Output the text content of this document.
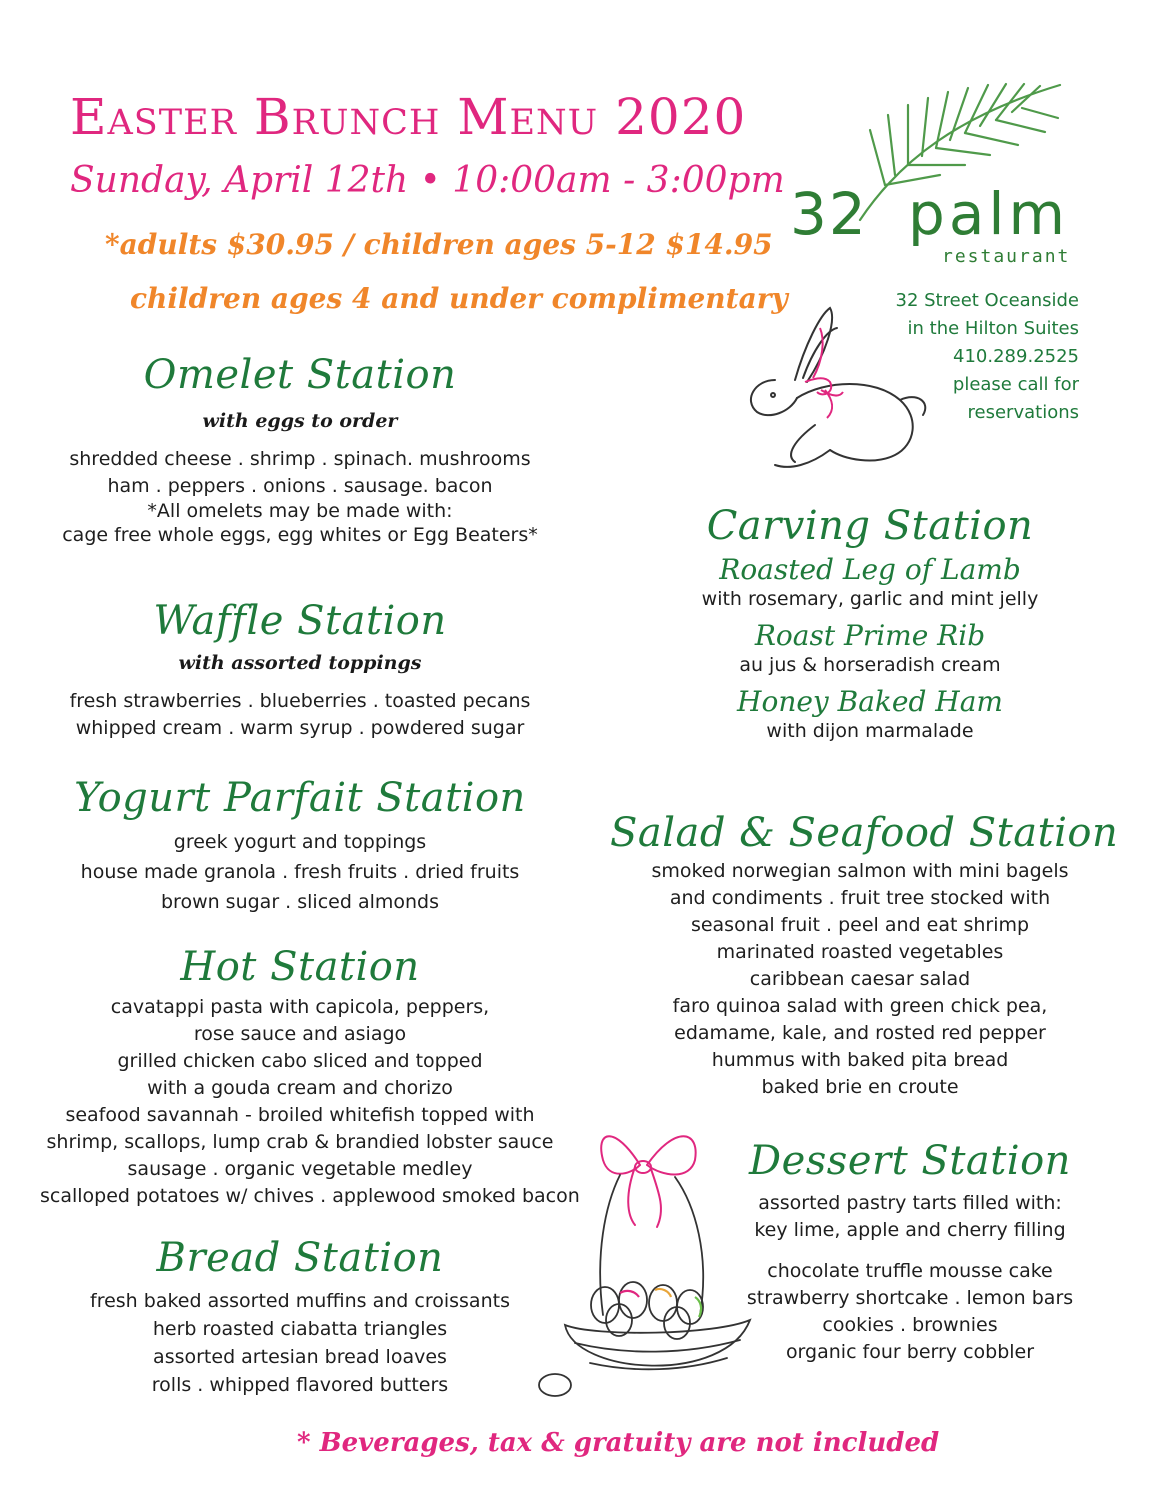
Easter Brunch Menu 2020
Sunday, April 12th • 10:00am - 3:00pm
*adults $30.95 / children ages 5-12 $14.95
children ages 4 and under complimentary
32 palm
restaurant
32 Street Oceanside
in the Hilton Suites
410.289.2525
please call for
reservations
Omelet Station
with eggs to order
shredded cheese . shrimp . spinach. mushrooms
ham . peppers . onions . sausage. bacon
*All omelets may be made with:
cage free whole eggs, egg whites or Egg Beaters*
Waffle Station
with assorted toppings
fresh strawberries . blueberries . toasted pecans
whipped cream . warm syrup . powdered sugar
Yogurt Parfait Station
greek yogurt and toppings
house made granola . fresh fruits . dried fruits
brown sugar . sliced almonds
Hot Station
cavatappi pasta with capicola, peppers,
rose sauce and asiago
grilled chicken cabo sliced and topped
with a gouda cream and chorizo
seafood savannah - broiled whitefish topped with
shrimp, scallops, lump crab & brandied lobster sauce
sausage . organic vegetable medley
scalloped potatoes w/ chives . applewood smoked bacon
Bread Station
fresh baked assorted muffins and croissants
herb roasted ciabatta triangles
assorted artesian bread loaves
rolls . whipped flavored butters
Carving Station
Roasted Leg of Lamb
with rosemary, garlic and mint jelly
Roast Prime Rib
au jus & horseradish cream
Honey Baked Ham
with dijon marmalade
Salad & Seafood Station
smoked norwegian salmon with mini bagels
and condiments . fruit tree stocked with
seasonal fruit . peel and eat shrimp
marinated roasted vegetables
caribbean caesar salad
faro quinoa salad with green chick pea,
edamame, kale, and rosted red pepper
hummus with baked pita bread
baked brie en croute
Dessert Station
assorted pastry tarts filled with:
key lime, apple and cherry filling
chocolate truffle mousse cake
strawberry shortcake . lemon bars
cookies . brownies
organic four berry cobbler
* Beverages, tax & gratuity are not included
